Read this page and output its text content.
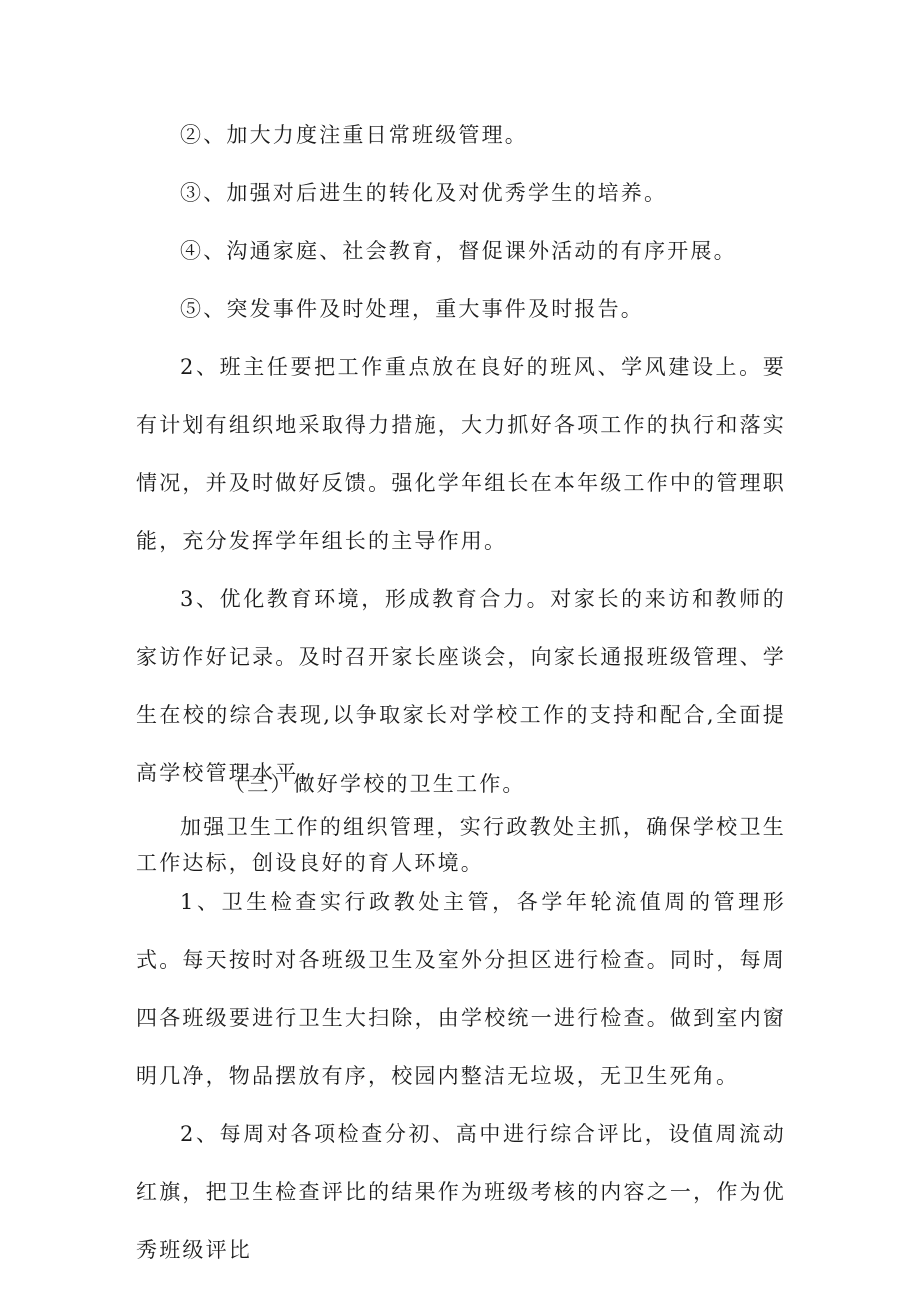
②、加大力度注重日常班级管理。

③、加强对后进生的转化及对优秀学生的培养。

④、沟通家庭、社会教育，督促课外活动的有序开展。

⑤、突发事件及时处理，重大事件及时报告。

2、班主任要把工作重点放在良好的班风、学风建设上。要有计划有组织地采取得力措施，大力抓好各项工作的执行和落实情况，并及时做好反馈。强化学年组长在本年级工作中的管理职能，充分发挥学年组长的主导作用。

3、优化教育环境，形成教育合力。对家长的来访和教师的家访作好记录。及时召开家长座谈会，向家长通报班级管理、学生在校的综合表现,以争取家长对学校工作的支持和配合,全面提高学校管理水平。

（三）做好学校的卫生工作。

加强卫生工作的组织管理，实行政教处主抓，确保学校卫生工作达标，创设良好的育人环境。

1、卫生检查实行政教处主管，各学年轮流值周的管理形式。每天按时对各班级卫生及室外分担区进行检查。同时，每周四各班级要进行卫生大扫除，由学校统一进行检查。做到室内窗明几净，物品摆放有序，校园内整洁无垃圾，无卫生死角。

2、每周对各项检查分初、高中进行综合评比，设值周流动红旗，把卫生检查评比的结果作为班级考核的内容之一，作为优秀班级评比
